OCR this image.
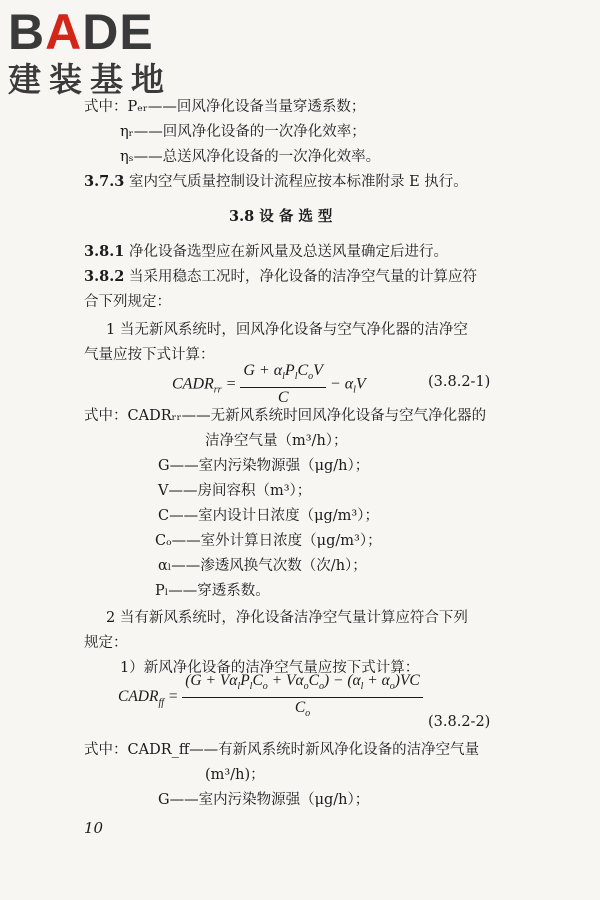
BADE
建装基地
式中：Pₑᵣ——回风净化设备当量穿透系数；
ηᵣ——回风净化设备的一次净化效率；
ηₛ——总送风净化设备的一次净化效率。
3.7.3 室内空气质量控制设计流程应按本标准附录 E 执行。
3.8 设 备 选 型
3.8.1 净化设备选型应在新风量及总送风量确定后进行。
3.8.2 当采用稳态工况时，净化设备的洁净空气量的计算应符
合下列规定：
1 当无新风系统时，回风净化设备与空气净化器的洁净空
气量应按下式计算：
$CADR_{rr} = \frac{G + \alpha_lP_lC_oV}{C} - \alpha_lV$	(3.8.2-1)
式中：CADRᵣᵣ——无新风系统时回风净化设备与空气净化器的
洁净空气量（m³/h）；
G——室内污染物源强（μg/h）；
V——房间容积（m³）；
C——室内设计日浓度（μg/m³）；
Cₒ——室外计算日浓度（μg/m³）；
αₗ——渗透风换气次数（次/h）；
Pₗ——穿透系数。
2 当有新风系统时，净化设备洁净空气量计算应符合下列
规定：
1）新风净化设备的洁净空气量应按下式计算：
$CADR_{ff} = \frac{(G + V\alpha_lP_lC_o + V\alpha_oC_o) - (\alpha_l + \alpha_o)VC}{C_o} (3.8.2-2)$
式中：CADR_ff——有新风系统时新风净化设备的洁净空气量
(m³/h)；
G——室内污染物源强（μg/h）；
10
